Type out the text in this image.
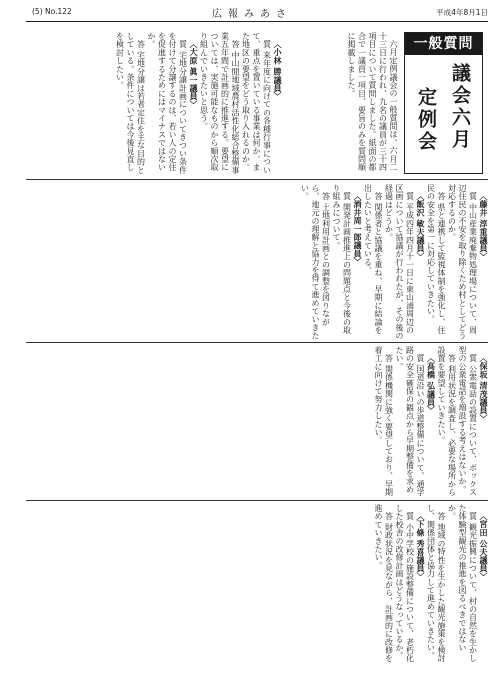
(5) No.122	広報みあさ	平成4年8月1日
一般質問
議会六月
定例会

六月定例議会の一般質問は、六月二十三日に行われ、九名の議員が三十四項目について質問しました。紙面の都合で一議員一項目、要旨のみを質問順に掲載しました。

〈小林 勝議員〉

質 来年度に向けての各種行事について、重点を置いている事業は何か。また地区の要望をどう取り入れるのか。

答 中山間地域農村活性化総合整備事業五年間で計画的に推進する。要望については、実施可能なものから順次取り組んでいきたいと思う。

〈大原 眞一議員〉

質 宅地分譲計画についてきつい条件を付けて分譲するのは、若い人の定住を促進するためにはマイナスではないか。

答 宅地分譲は若者定住を主な目的としている。条件については今後見直しを検討したい。

〈藤井 淳重議員〉

質 中山産業廃棄物処理場について、周辺住民の不安を取り除くため村としてどう対応するのか。

答 県と連携して監視体制を強化し、住民の安全を第一に対応していきたい。

〈飯沢 敏夫議員〉

質 平成四年四月十一日に東山浦周辺の区画について協議が行われたが、その後の経過はどうか。

答 関係者と協議を重ね、早期に結論を出したいと考えている。

〈酒井周一郎議員〉

質 開発計画推進上の問題点と今後の取り組みについて。

答 土地利用計画との調整を図りながら、地元の理解と協力を得て進めていきたい。

〈保坂 清茂議員〉

質 公衆電話の設置について、ボックス型の公衆電話を増設する考えはないか。

答 利用状況を調査し、必要な場所から設置を要望していきたい。

〈高橋 弘議員〉

質 国道沿いの歩道整備について、通学路の安全確保の観点から早期整備を求めたい。

答 関係機関に強く要望しており、早期着工に向けて努力したい。

〈宮田 公夫議員〉

質 観光振興について、村の自然を生かした体験型観光の推進を図るべきではないか。

答 地域の特性を生かした観光施策を検討し、関係団体と協力して進めていきたい。

〈下條 秀喜議員〉

質 小中学校の施設整備について、老朽化した校舎の改修計画はどうなっているか。

答 財政状況を見ながら、計画的に改修を進めていきたい。
